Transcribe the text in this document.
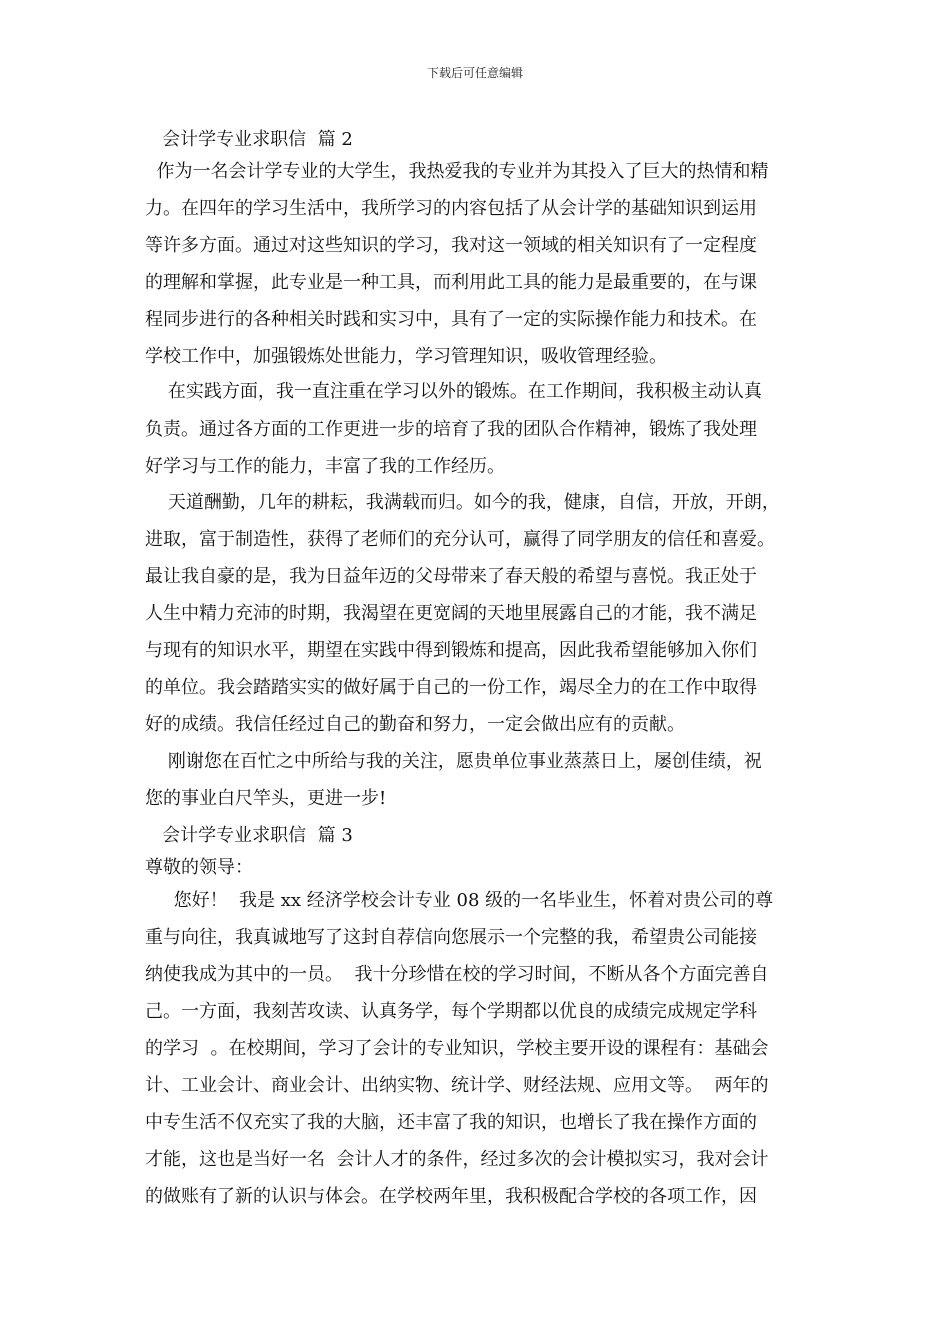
下载后可任意编辑
会计学专业求职信  篇 2
作为一名会计学专业的大学生，我热爱我的专业并为其投入了巨大的热情和精
力。在四年的学习生活中，我所学习的内容包括了从会计学的基础知识到运用
等许多方面。通过对这些知识的学习，我对这一领域的相关知识有了一定程度
的理解和掌握，此专业是一种工具，而利用此工具的能力是最重要的，在与课
程同步进行的各种相关时践和实习中，具有了一定的实际操作能力和技术。在
学校工作中，加强锻炼处世能力，学习管理知识，吸收管理经验。
在实践方面，我一直注重在学习以外的锻炼。在工作期间，我积极主动认真
负责。通过各方面的工作更进一步的培育了我的团队合作精神，锻炼了我处理
好学习与工作的能力，丰富了我的工作经历。
天道酬勤，几年的耕耘，我满载而归。如今的我，健康，自信，开放，开朗，
进取，富于制造性，获得了老师们的充分认可，赢得了同学朋友的信任和喜爱。
最让我自豪的是，我为日益年迈的父母带来了春天般的希望与喜悦。我正处于
人生中精力充沛的时期，我渴望在更宽阔的天地里展露自己的才能，我不满足
与现有的知识水平，期望在实践中得到锻炼和提高，因此我希望能够加入你们
的单位。我会踏踏实实的做好属于自己的一份工作，竭尽全力的在工作中取得
好的成绩。我信任经过自己的勤奋和努力，一定会做出应有的贡献。
刚谢您在百忙之中所给与我的关注，愿贵单位事业蒸蒸日上，屡创佳绩，祝
您的事业白尺竿头，更进一步!
会计学专业求职信  篇 3
尊敬的领导：
您好！  我是 xx 经济学校会计专业 08 级的一名毕业生，怀着对贵公司的尊
重与向往，我真诚地写了这封自荐信向您展示一个完整的我，希望贵公司能接
纳使我成为其中的一员。  我十分珍惜在校的学习时间，不断从各个方面完善自
己。一方面，我刻苦攻读、认真务学，每个学期都以优良的成绩完成规定学科
的学习  。在校期间，学习了会计的专业知识，学校主要开设的课程有：基础会
计、工业会计、商业会计、出纳实物、统计学、财经法规、应用文等。  两年的
中专生活不仅充实了我的大脑，还丰富了我的知识，也增长了我在操作方面的
才能，这也是当好一名  会计人才的条件，经过多次的会计模拟实习，我对会计
的做账有了新的认识与体会。在学校两年里，我积极配合学校的各项工作，因
